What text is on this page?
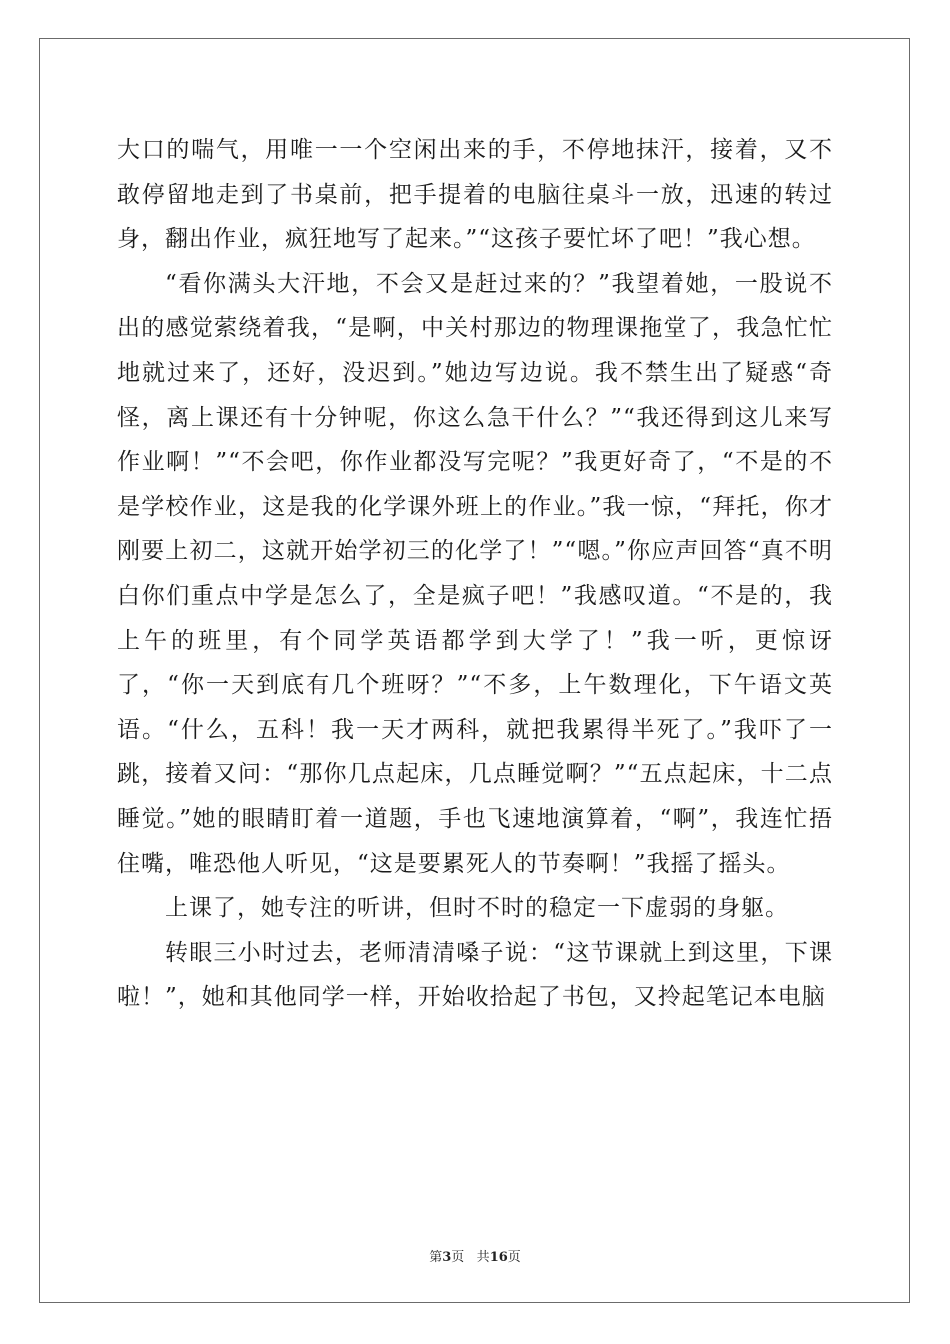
大口的喘气，用唯一一个空闲出来的手，不停地抹汗，接着，又不敢停留地走到了书桌前，把手提着的电脑往桌斗一放，迅速的转过身，翻出作业，疯狂地写了起来。”“这孩子要忙坏了吧！”我心想。

“看你满头大汗地，不会又是赶过来的？”我望着她，一股说不出的感觉萦绕着我，“是啊，中关村那边的物理课拖堂了，我急忙忙地就过来了，还好，没迟到。”她边写边说。我不禁生出了疑惑“奇怪，离上课还有十分钟呢，你这么急干什么？”“我还得到这儿来写作业啊！”“不会吧，你作业都没写完呢？”我更好奇了，“不是的不是学校作业，这是我的化学课外班上的作业。”我一惊，“拜托，你才刚要上初二，这就开始学初三的化学了！”“嗯。”你应声回答“真不明白你们重点中学是怎么了，全是疯子吧！”我感叹道。“不是的，我上午的班里，有个同学英语都学到大学了！”我一听，更惊讶了，“你一天到底有几个班呀？”“不多，上午数理化，下午语文英语。“什么，五科！我一天才两科，就把我累得半死了。”我吓了一跳，接着又问：“那你几点起床，几点睡觉啊？”“五点起床，十二点睡觉。”她的眼睛盯着一道题，手也飞速地演算着，“啊”，我连忙捂住嘴，唯恐他人听见，“这是要累死人的节奏啊！”我摇了摇头。

上课了，她专注的听讲，但时不时的稳定一下虚弱的身躯。

转眼三小时过去，老师清清嗓子说：“这节课就上到这里，下课啦！”，她和其他同学一样，开始收拾起了书包，又拎起笔记本电脑

第3页 共16页
